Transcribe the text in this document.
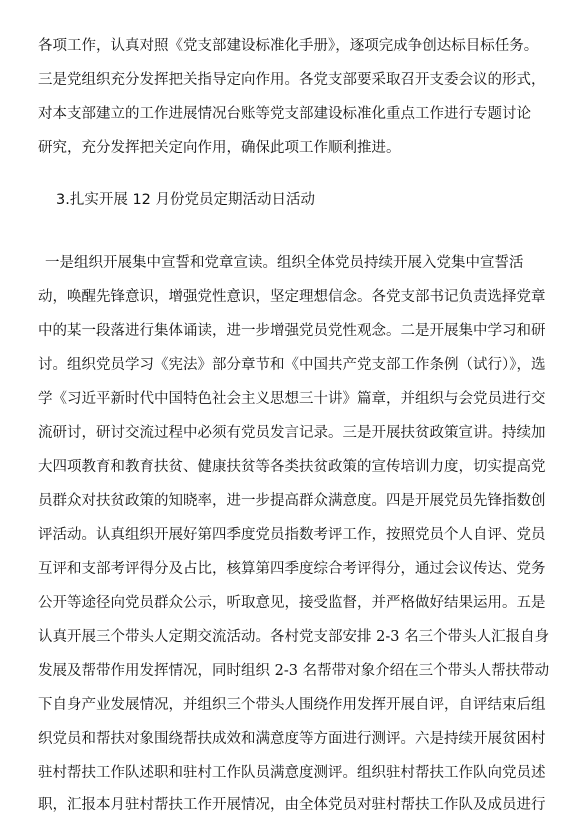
各项工作，认真对照《党支部建设标准化手册》，逐项完成争创达标目标任务。
三是党组织充分发挥把关指导定向作用。各党支部要采取召开支委会议的形式，
对本支部建立的工作进展情况台账等党支部建设标准化重点工作进行专题讨论
研究，充分发挥把关定向作用，确保此项工作顺利推进。
3.扎实开展 12 月份党员定期活动日活动
一是组织开展集中宣誓和党章宣读。组织全体党员持续开展入党集中宣誓活
动，唤醒先锋意识，增强党性意识，坚定理想信念。各党支部书记负责选择党章
中的某一段落进行集体诵读，进一步增强党员党性观念。二是开展集中学习和研
讨。组织党员学习《宪法》部分章节和《中国共产党支部工作条例（试行）》，选
学《习近平新时代中国特色社会主义思想三十讲》篇章，并组织与会党员进行交
流研讨，研讨交流过程中必须有党员发言记录。三是开展扶贫政策宣讲。持续加
大四项教育和教育扶贫、健康扶贫等各类扶贫政策的宣传培训力度，切实提高党
员群众对扶贫政策的知晓率，进一步提高群众满意度。四是开展党员先锋指数创
评活动。认真组织开展好第四季度党员指数考评工作，按照党员个人自评、党员
互评和支部考评得分及占比，核算第四季度综合考评得分，通过会议传达、党务
公开等途径向党员群众公示，听取意见，接受监督，并严格做好结果运用。五是
认真开展三个带头人定期交流活动。各村党支部安排 2-3 名三个带头人汇报自身
发展及帮带作用发挥情况，同时组织 2-3 名帮带对象介绍在三个带头人帮扶带动
下自身产业发展情况，并组织三个带头人围绕作用发挥开展自评，自评结束后组
织党员和帮扶对象围绕帮扶成效和满意度等方面进行测评。六是持续开展贫困村
驻村帮扶工作队述职和驻村工作队员满意度测评。组织驻村帮扶工作队向党员述
职，汇报本月驻村帮扶工作开展情况，由全体党员对驻村帮扶工作队及成员进行
